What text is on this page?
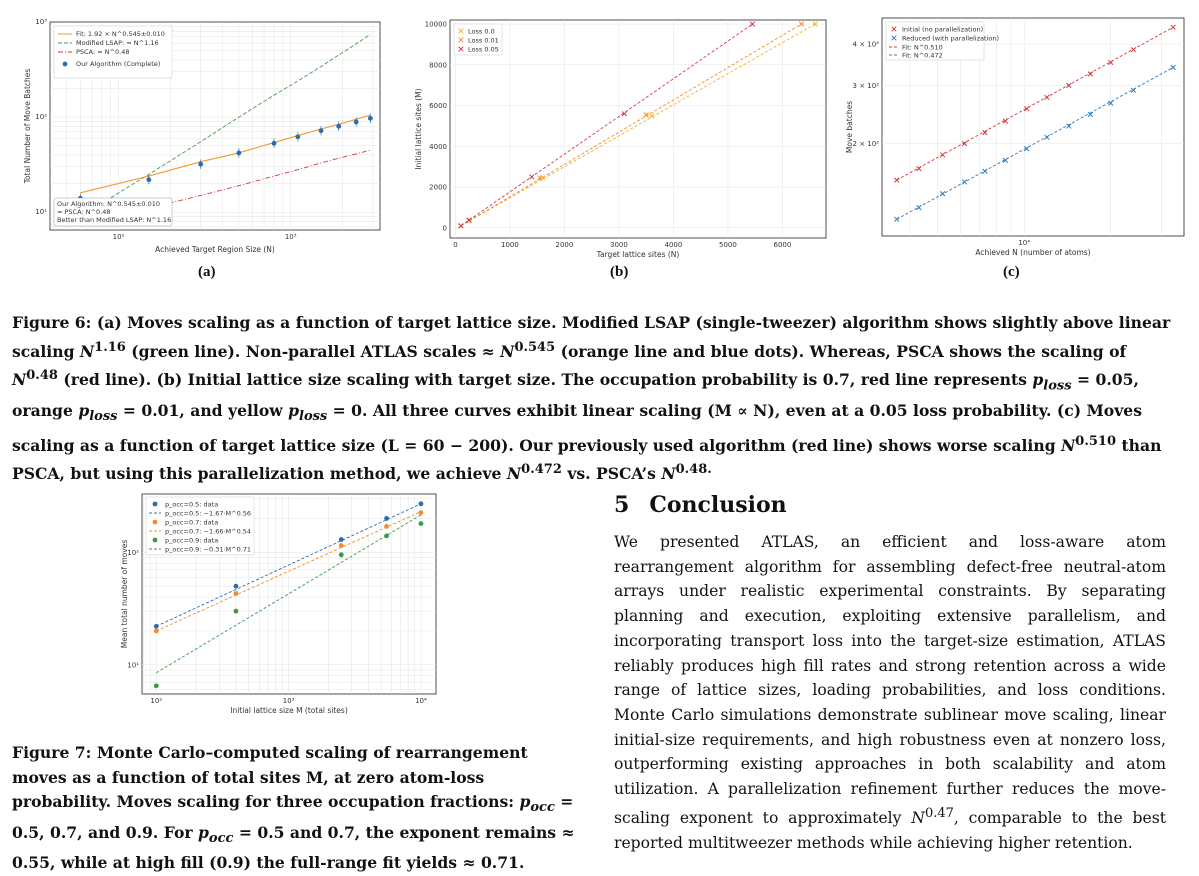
10²	10³
10³
10²
10¹
Achieved Target Region Size (N)
Total Number of Move Batches
Fit: 1.92 × N^0.545±0.010
Modified LSAP: ≈ N^1.16
PSCA: ≈ N^0.48
Our Algorithm (Complete)
Our Algorithm: N^0.545±0.010
≈ PSCA: N^0.48
Better than Modified LSAP: N^1.16
(a)
0	1000	2000	3000	4000	5000	6000
0
2000
4000
6000
8000
10000
Target lattice sites (N)
Initial lattice sites (M)
Loss 0.0
Loss 0.01
Loss 0.05
(b)
10⁴
4 × 10²
3 × 10²
2 × 10²
Achieved N (number of atoms)
Move batches
Initial (no parallelization)
Reduced (with parallelization)
Fit: N^0.510
Fit: N^0.472
(c)
Figure 6: (a) Moves scaling as a function of target lattice size. Modified LSAP (single-tweezer) algorithm shows slightly above linear scaling $N^{1.16}$ (green line). Non-parallel ATLAS scales ≈ $N^{0.545}$ (orange line and blue dots). Whereas, PSCA shows the scaling of $N^{0.48}$ (red line). (b) Initial lattice size scaling with target size. The occupation probability is 0.7, red line represents $p_{loss} = 0.05$, orange $p_{loss} = 0.01$, and yellow $p_{loss} = 0$. All three curves exhibit linear scaling (M ∝ N), even at a 0.05 loss probability. (c) Moves scaling as a function of target lattice size (L = 60 − 200). Our previously used algorithm (red line) shows worse scaling $N^{0.510}$ than PSCA, but using this parallelization method, we achieve $N^{0.472}$ vs. PSCA’s $N^{0.48.}$
10²	10³	10⁴
10²
10¹
Initial lattice size M (total sites)
Mean total number of moves
p_occ=0.5: data
p_occ=0.5: ~1.67·M^0.56
p_occ=0.7: data
p_occ=0.7: ~1.66·M^0.54
p_occ=0.9: data
p_occ=0.9: ~0.31·M^0.71
Figure 7: Monte Carlo–computed scaling of rearrangement moves as a function of total sites M, at zero atom-loss probability. Moves scaling for three occupation fractions: $p_{occ} = 0.5$, 0.7, and 0.9. For $p_{occ} = 0.5$ and 0.7, the exponent remains ≈ 0.55, while at high fill (0.9) the full-range fit yields ≈ 0.71.
5 Conclusion
We presented ATLAS, an efficient and loss-aware atom rearrangement algorithm for assembling defect-free neutral-atom arrays under realistic experimental constraints. By separating planning and execution, exploiting extensive parallelism, and incorporating transport loss into the target-size estimation, ATLAS reliably produces high fill rates and strong retention across a wide range of lattice sizes, loading probabilities, and loss conditions. Monte Carlo simulations demonstrate sublinear move scaling, linear initial-size requirements, and high robustness even at nonzero loss, outperforming existing approaches in both scalability and atom utilization. A parallelization refinement further reduces the move-scaling exponent to approximately $N^{0.47}$, comparable to the best reported multitweezer methods while achieving higher retention.
